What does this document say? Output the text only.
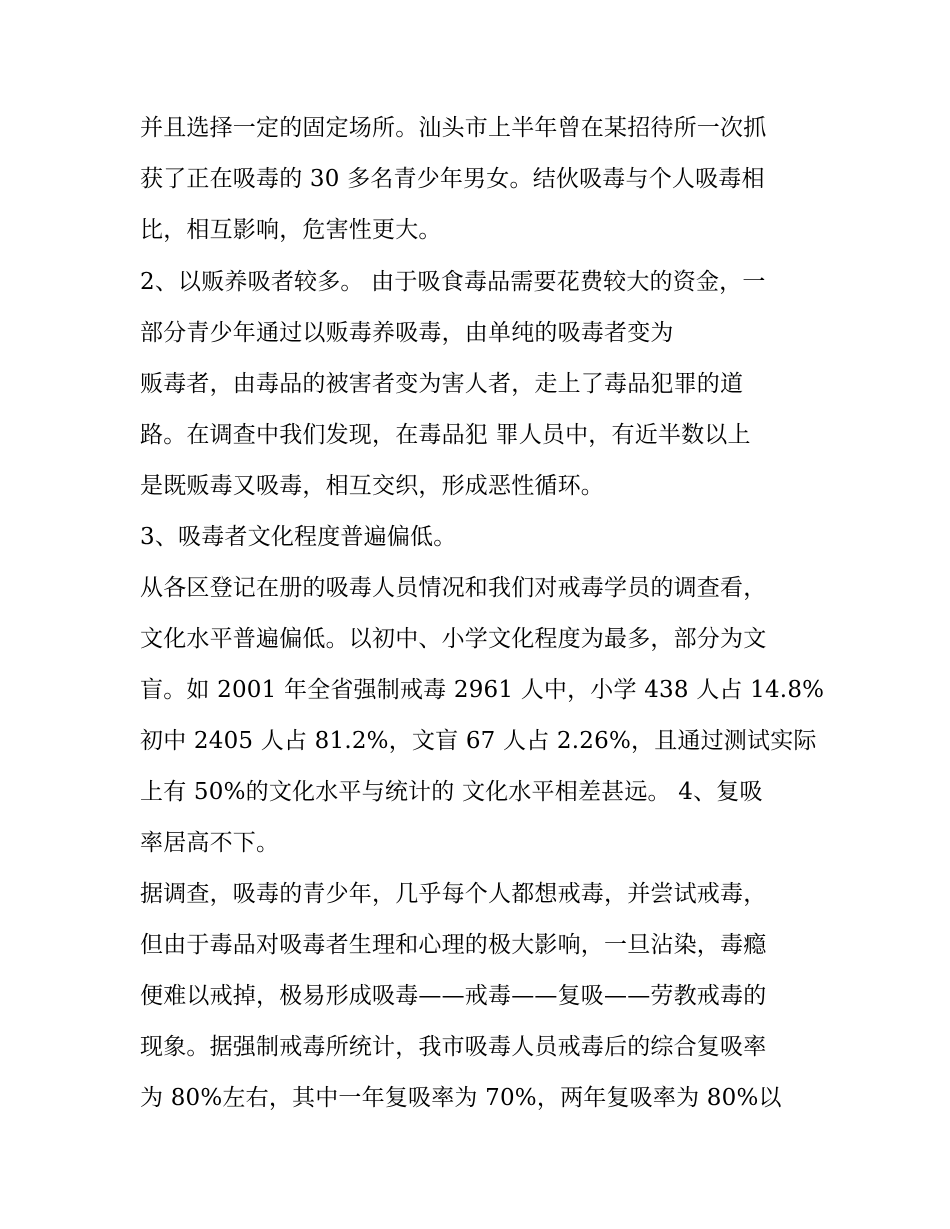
并且选择一定的固定场所。汕头市上半年曾在某招待所一次抓
获了正在吸毒的 30 多名青少年男女。结伙吸毒与个人吸毒相
比，相互影响，危害性更大。
2、以贩养吸者较多。 由于吸食毒品需要花费较大的资金，一
部分青少年通过以贩毒养吸毒，由单纯的吸毒者变为
贩毒者，由毒品的被害者变为害人者，走上了毒品犯罪的道
路。在调查中我们发现，在毒品犯 罪人员中，有近半数以上
是既贩毒又吸毒，相互交织，形成恶性循环。
3、吸毒者文化程度普遍偏低。
从各区登记在册的吸毒人员情况和我们对戒毒学员的调查看，
文化水平普遍偏低。以初中、小学文化程度为最多，部分为文
盲。如 2001 年全省强制戒毒 2961 人中，小学 438 人占 14.8%
初中 2405 人占 81.2%，文盲 67 人占 2.26%，且通过测试实际
上有 50%的文化水平与统计的 文化水平相差甚远。 4、复吸
率居高不下。
据调查，吸毒的青少年，几乎每个人都想戒毒，并尝试戒毒，
但由于毒品对吸毒者生理和心理的极大影响，一旦沾染，毒瘾
便难以戒掉，极易形成吸毒——戒毒——复吸——劳教戒毒的
现象。据强制戒毒所统计，我市吸毒人员戒毒后的综合复吸率
为 80%左右，其中一年复吸率为 70%，两年复吸率为 80%以
